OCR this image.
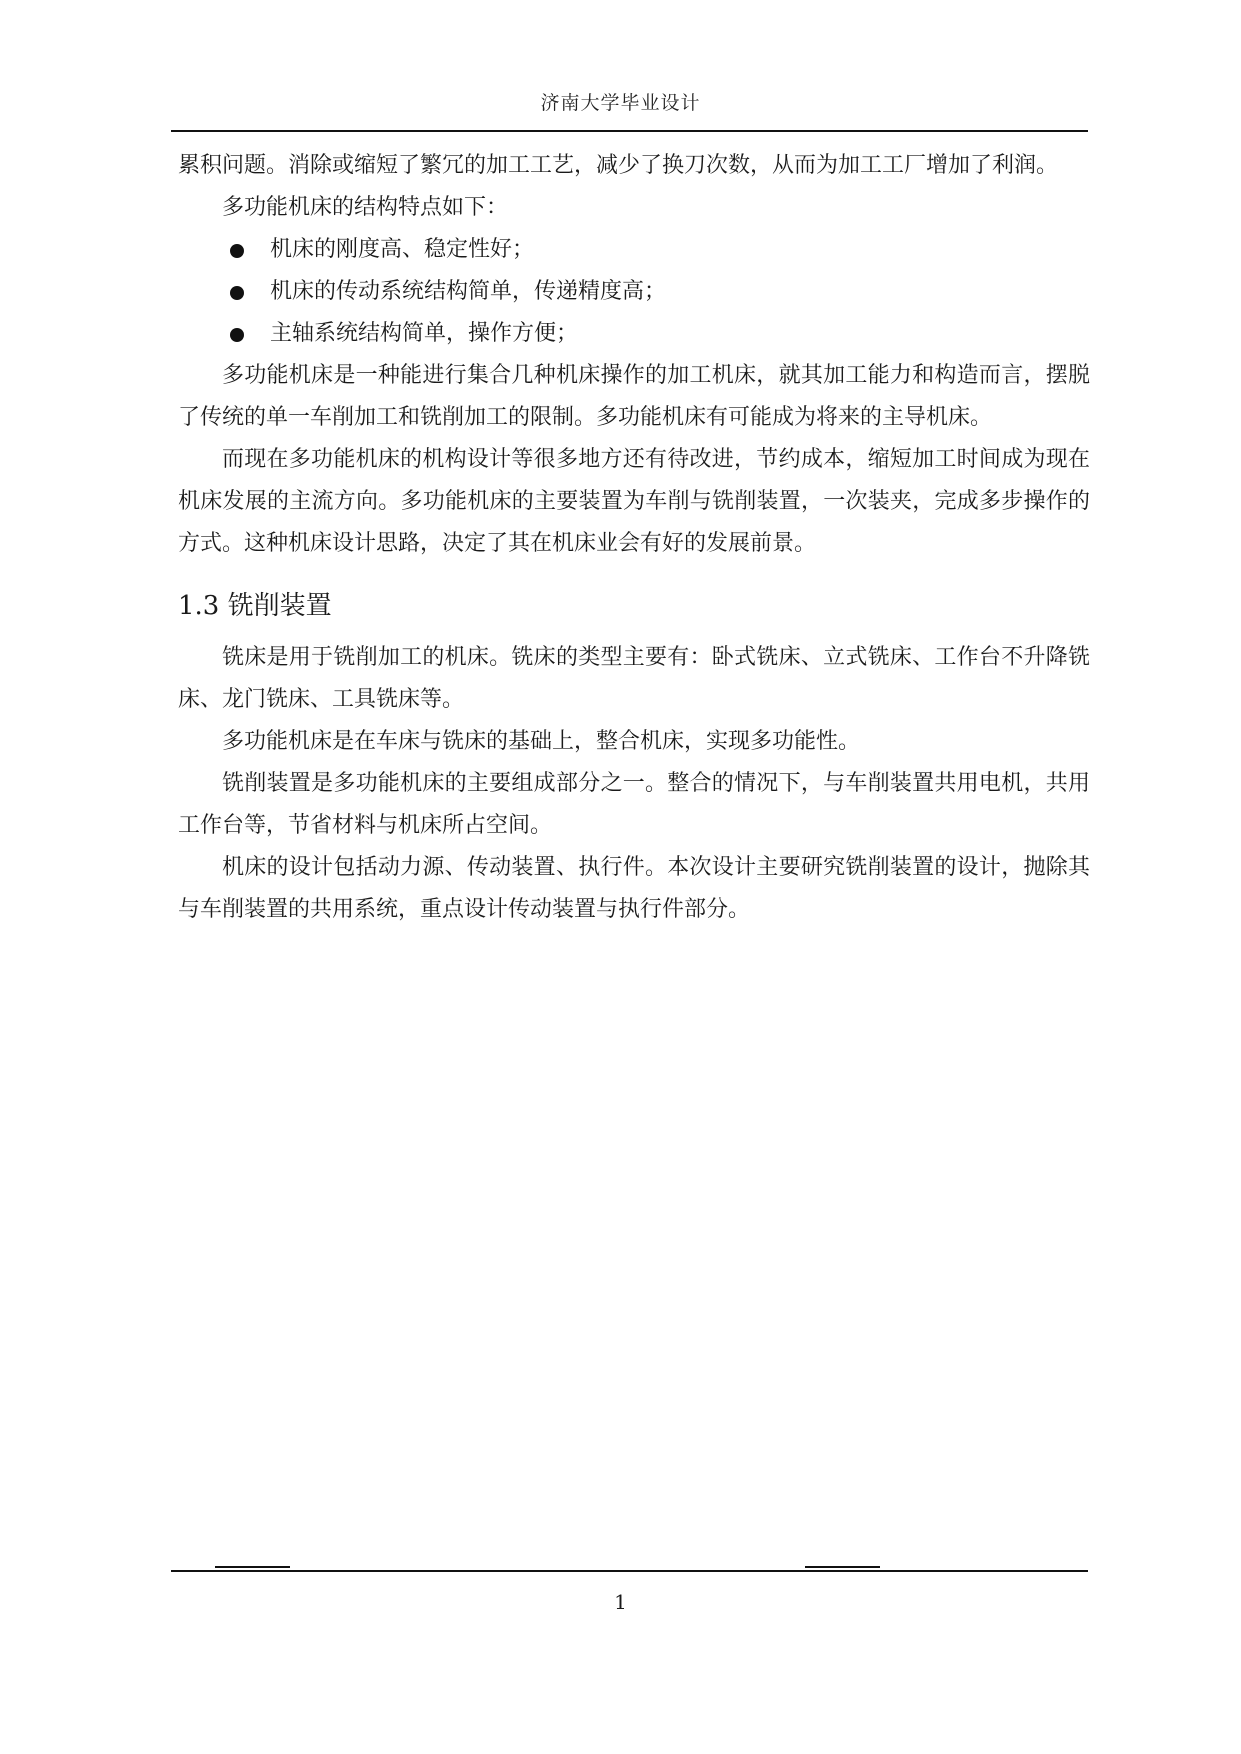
济南大学毕业设计

累积问题。消除或缩短了繁冗的加工工艺，减少了换刀次数，从而为加工工厂增加了利润。

多功能机床的结构特点如下：

机床的刚度高、稳定性好；
机床的传动系统结构简单，传递精度高；
主轴系统结构简单，操作方便；

多功能机床是一种能进行集合几种机床操作的加工机床，就其加工能力和构造而言，摆脱了传统的单一车削加工和铣削加工的限制。多功能机床有可能成为将来的主导机床。

而现在多功能机床的机构设计等很多地方还有待改进，节约成本，缩短加工时间成为现在机床发展的主流方向。多功能机床的主要装置为车削与铣削装置，一次装夹，完成多步操作的方式。这种机床设计思路，决定了其在机床业会有好的发展前景。

1.3 铣削装置

铣床是用于铣削加工的机床。铣床的类型主要有：卧式铣床、立式铣床、工作台不升降铣床、龙门铣床、工具铣床等。

多功能机床是在车床与铣床的基础上，整合机床，实现多功能性。

铣削装置是多功能机床的主要组成部分之一。整合的情况下，与车削装置共用电机，共用工作台等，节省材料与机床所占空间。

机床的设计包括动力源、传动装置、执行件。本次设计主要研究铣削装置的设计，抛除其与车削装置的共用系统，重点设计传动装置与执行件部分。

1
